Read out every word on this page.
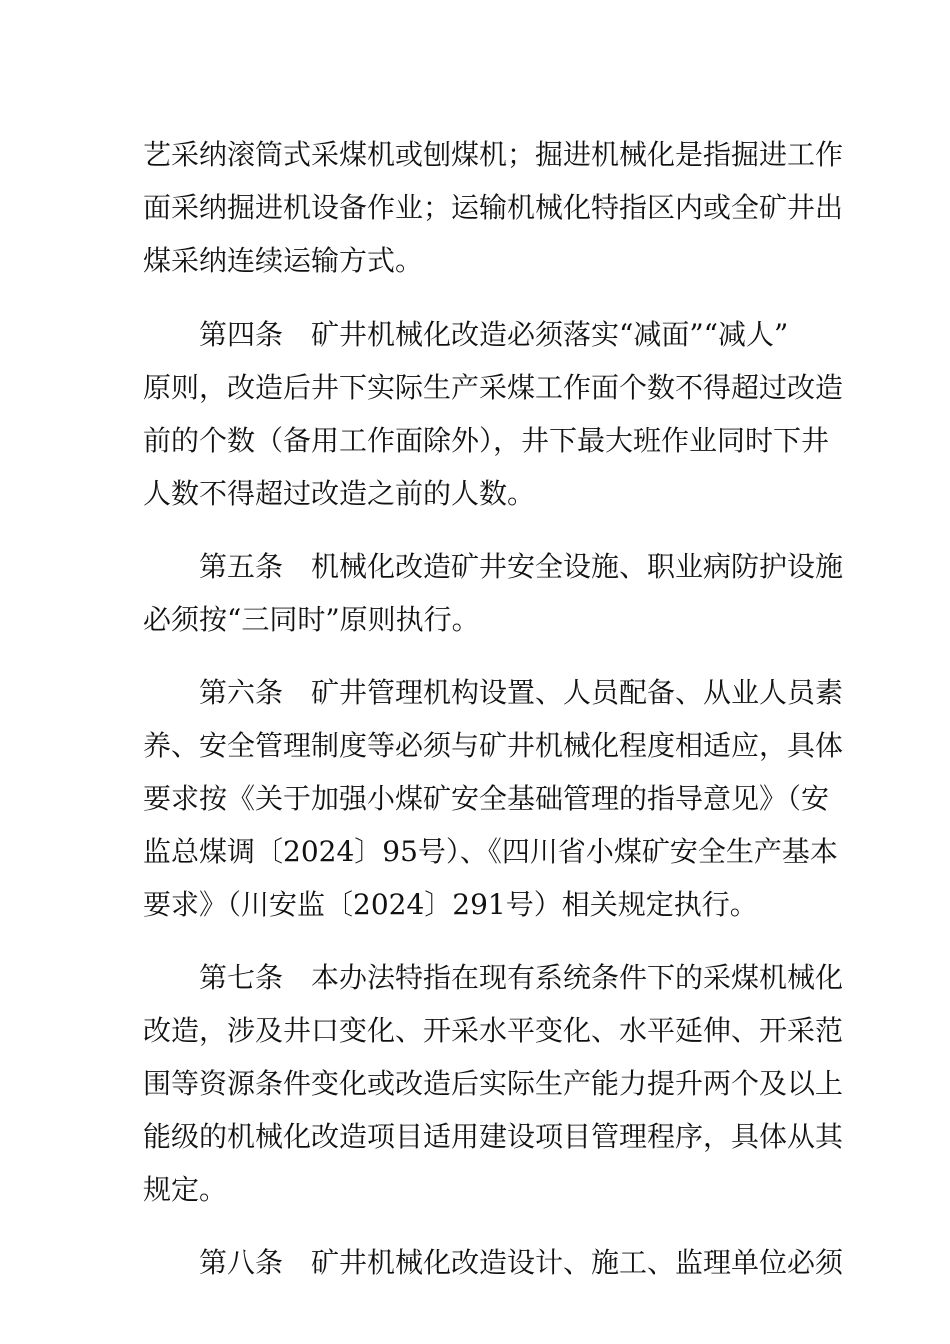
艺采纳滚筒式采煤机或刨煤机；掘进机械化是指掘进工作
面采纳掘进机设备作业；运输机械化特指区内或全矿井出
煤采纳连续运输方式。
第四条　矿井机械化改造必须落实“减面”“减人”
原则，改造后井下实际生产采煤工作面个数不得超过改造
前的个数（备用工作面除外），井下最大班作业同时下井
人数不得超过改造之前的人数。
第五条　机械化改造矿井安全设施、职业病防护设施
必须按“三同时”原则执行。
第六条　矿井管理机构设置、人员配备、从业人员素
养、安全管理制度等必须与矿井机械化程度相适应，具体
要求按《关于加强小煤矿安全基础管理的指导意见》（安
监总煤调〔2024〕95号）、《四川省小煤矿安全生产基本
要求》（川安监〔2024〕291号）相关规定执行。
第七条　本办法特指在现有系统条件下的采煤机械化
改造，涉及井口变化、开采水平变化、水平延伸、开采范
围等资源条件变化或改造后实际生产能力提升两个及以上
能级的机械化改造项目适用建设项目管理程序，具体从其
规定。
第八条　矿井机械化改造设计、施工、监理单位必须
